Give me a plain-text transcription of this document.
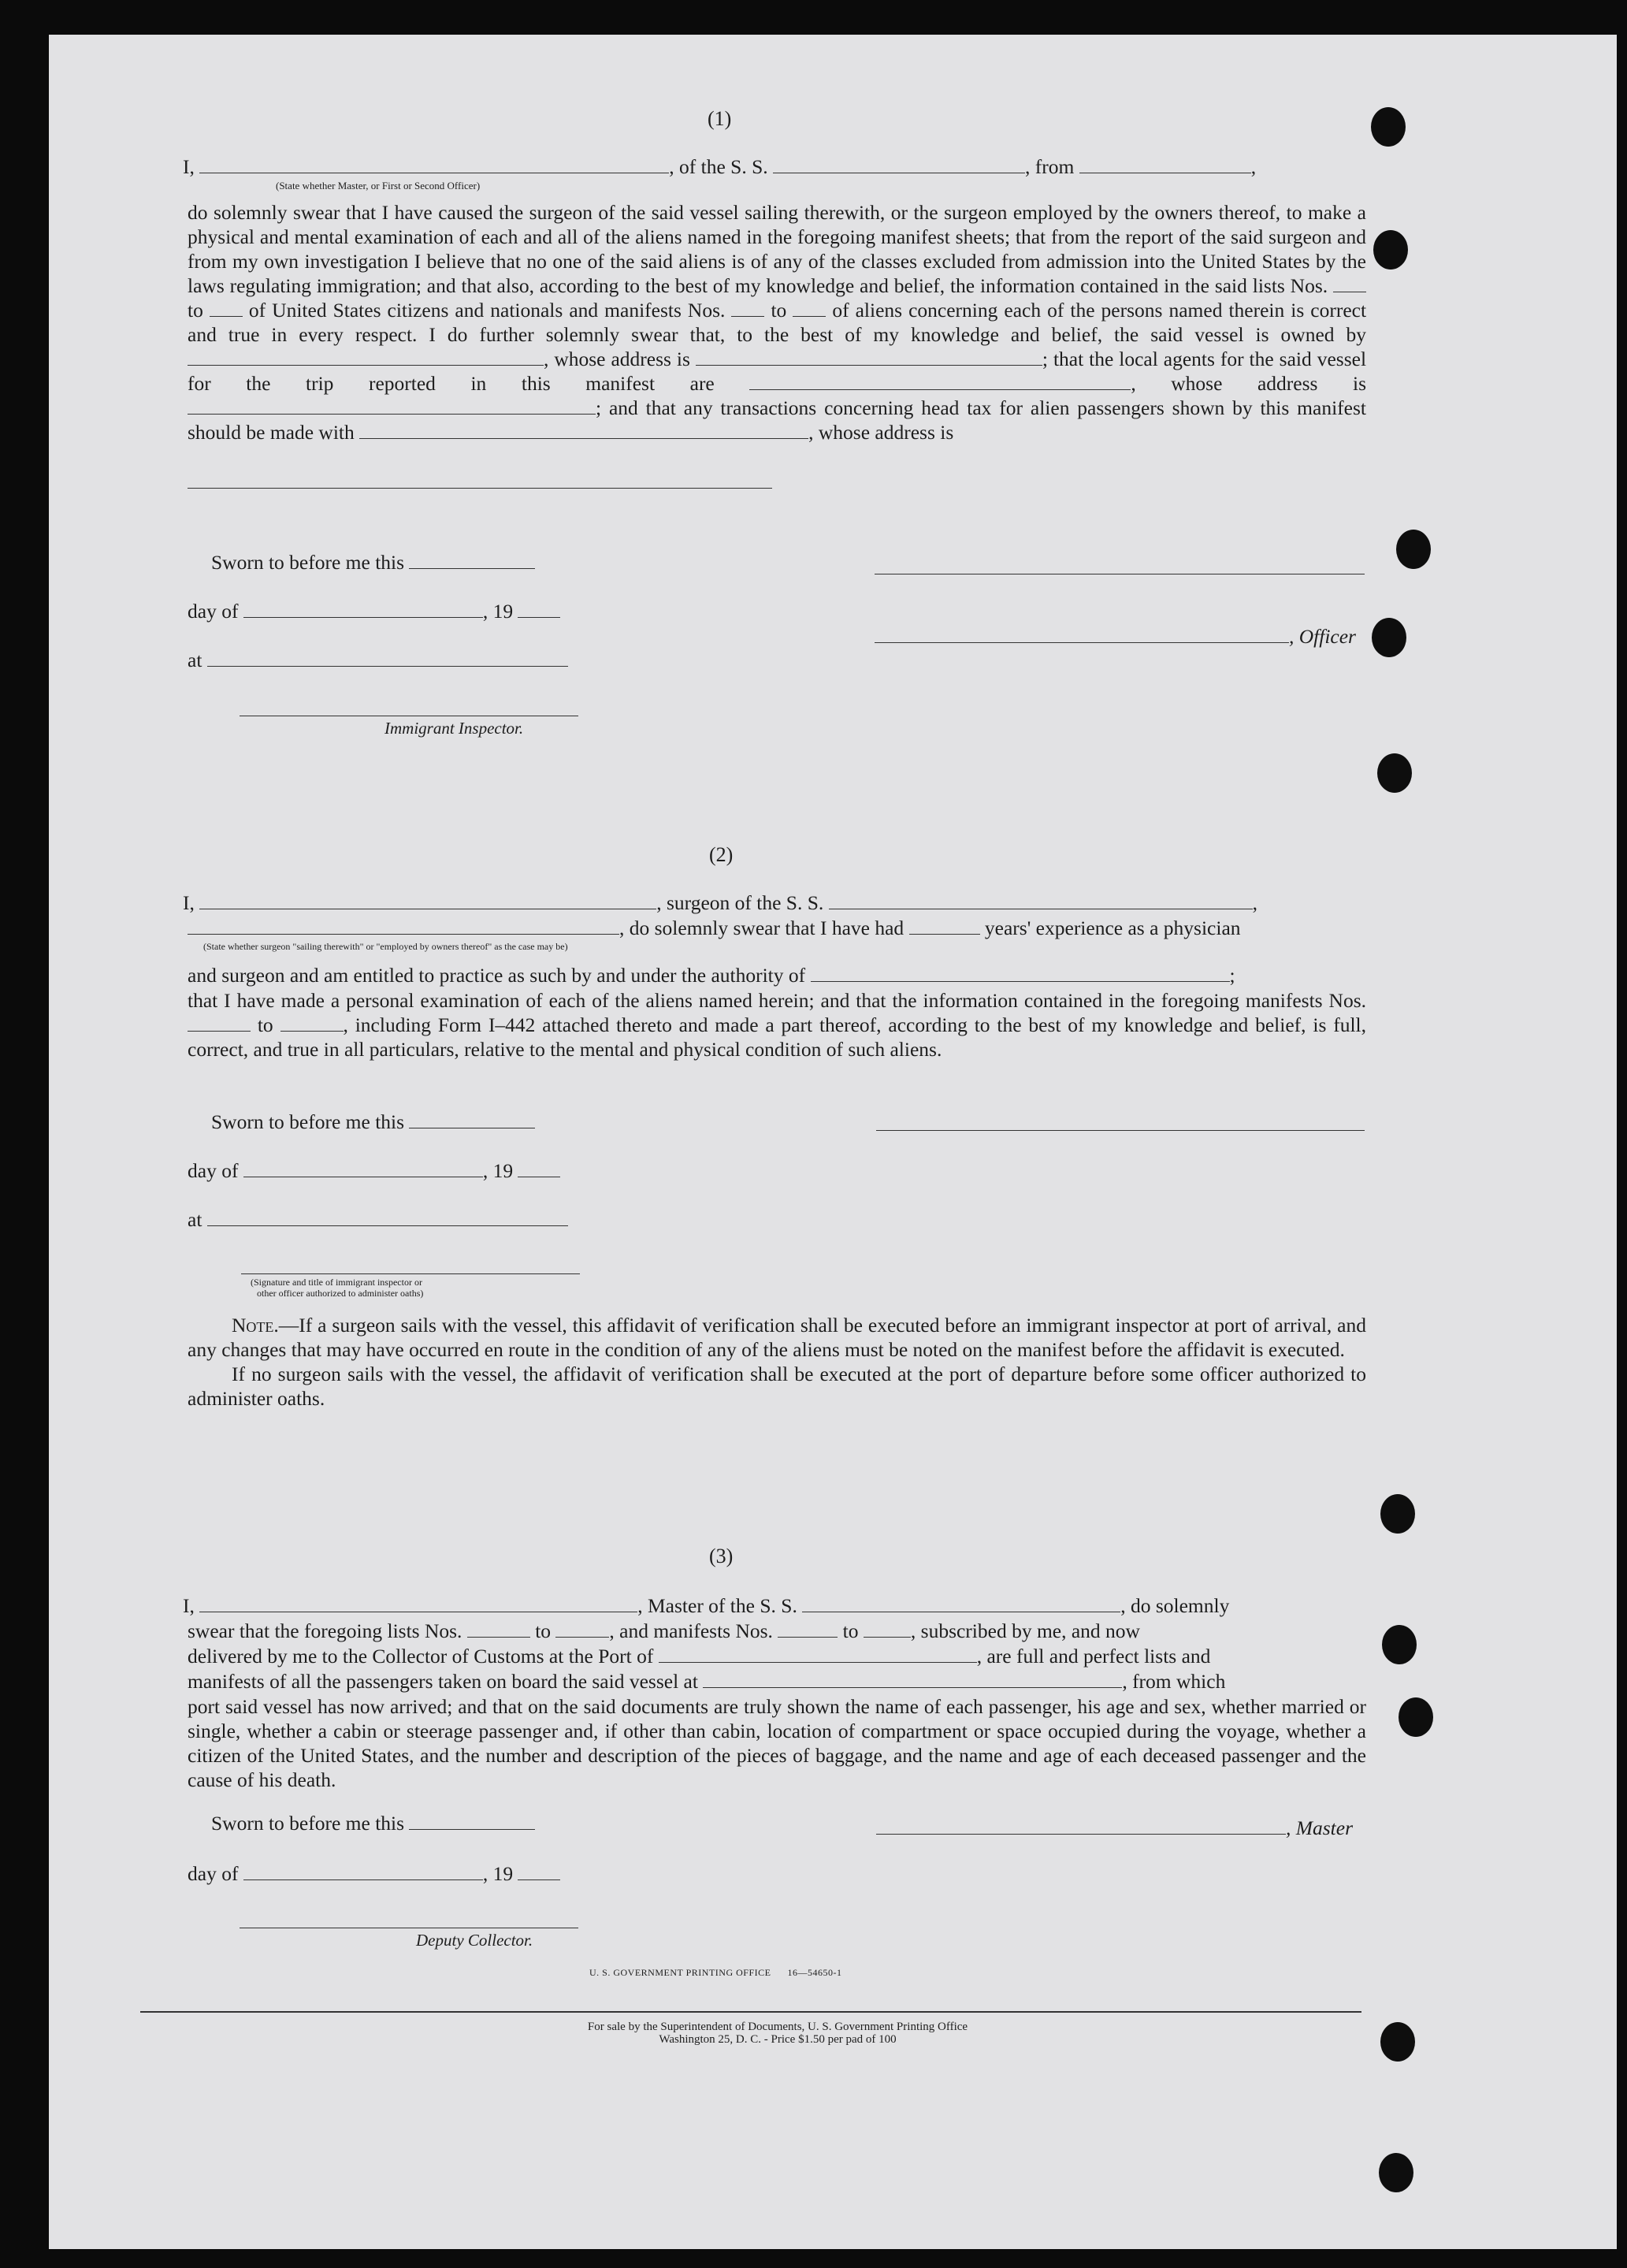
(1)
I,	, of the S. S.	, from	,
(State whether Master, or First or Second Officer)

do solemnly swear that I have caused the surgeon of the said vessel sailing therewith, or the surgeon employed by the owners thereof, to make a physical and mental examination of each and all of the aliens named in the foregoing manifest sheets; that from the report of the said surgeon and from my own investigation I believe that no one of the said aliens is of any of the classes excluded from admission into the United States by the laws regulating immigration; and that also, according to the best of my knowledge and belief, the information contained in the said lists Nos.  to of United States citizens and nationals and manifests Nos. to of aliens concerning each of the persons named therein is correct and true in every respect. I do further solemnly swear that, to the best of my knowledge and belief, the said vessel is owned by , whose address is	; that the local agents for the said vessel for the trip reported in this manifest are	, whose address is ; and that any transactions concerning head tax for alien passengers shown by this manifest should be made with	, whose address is

Sworn to before me this
day of	, 19
, Officer
at
Immigrant Inspector.
(2)
I,	, surgeon of the S. S.	,
, do solemnly swear that I have had	years' experience as a physician
(State whether surgeon "sailing therewith" or "employed by owners thereof" as the case may be)
and surgeon and am entitled to practice as such by and under the authority of	;

that I have made a personal examination of each of the aliens named herein; and that the information contained in the foregoing manifests Nos.  to	, including Form I–442 attached thereto and made a part thereof, according to the best of my knowledge and belief, is full, correct, and true in all particulars, relative to the mental and physical condition of such aliens.

Sworn to before me this
day of	, 19
at
(Signature and title of immigrant inspector or
other officer authorized to administer oaths)

Note.—If a surgeon sails with the vessel, this affidavit of verification shall be executed before an immigrant inspector at port of arrival, and any changes that may have occurred en route in the condition of any of the aliens must be noted on the manifest before the affidavit is executed.

If no surgeon sails with the vessel, the affidavit of verification shall be executed at the port of departure before some officer authorized to administer oaths.

(3)
I,	, Master of the S. S.	, do solemnly
swear that the foregoing lists Nos.	to	, and manifests Nos.	to	, subscribed by me, and now
delivered by me to the Collector of Customs at the Port of	, are full and perfect lists and
manifests of all the passengers taken on board the said vessel at	, from which

port said vessel has now arrived; and that on the said documents are truly shown the name of each passenger, his age and sex, whether married or single, whether a cabin or steerage passenger and, if other than cabin, location of compartment or space occupied during the voyage, whether a citizen of the United States, and the number and description of the pieces of baggage, and the name and age of each deceased passenger and the cause of his death.

Sworn to before me this	, Master
day of	, 19
Deputy Collector.
U. S. GOVERNMENT PRINTING OFFICE      16—54650-1
For sale by the Superintendent of Documents, U. S. Government Printing Office
Washington 25, D. C. - Price $1.50 per pad of 100
